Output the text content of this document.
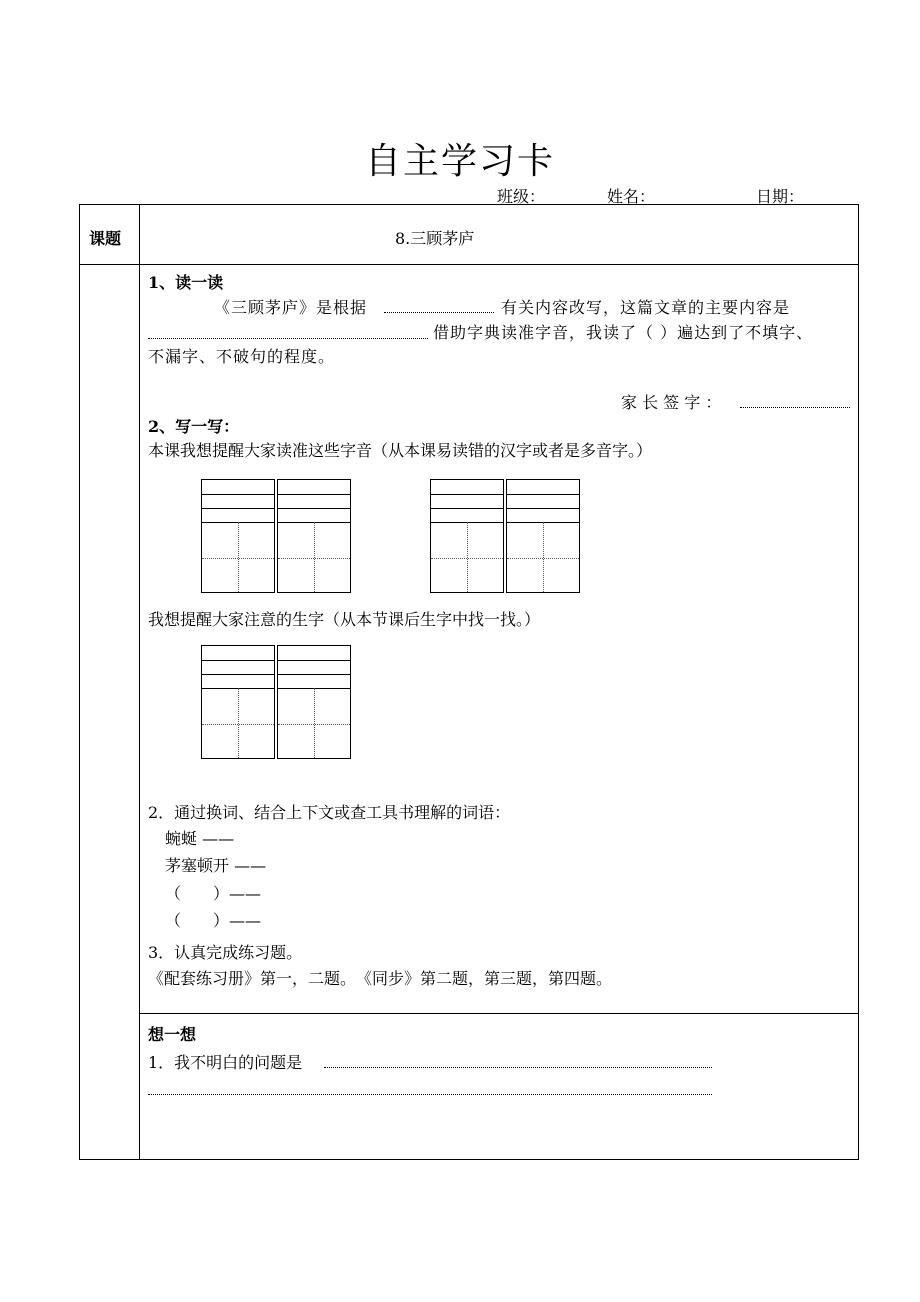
自主学习卡
班级：	姓名：	日期：
课题	8.三顾茅庐
1、读一读
《三顾茅庐》是根据	有关内容改写，这篇文章的主要内容是
借助字典读准字音，我读了（ ）遍达到了不填字、
不漏字、不破句的程度。
家 长 签 字 ：
2、写一写：
本课我想提醒大家读准这些字音（从本课易读错的汉字或者是多音字。）
我想提醒大家注意的生字（从本节课后生字中找一找。）
2．通过换词、结合上下文或查工具书理解的词语：
蜿蜒 ——
茅塞顿开 ——
（　　）——
（　　）——
3．认真完成练习题。
《配套练习册》第一，二题。　《同步》第二题，第三题，第四题。
想一想
1．我不明白的问题是
